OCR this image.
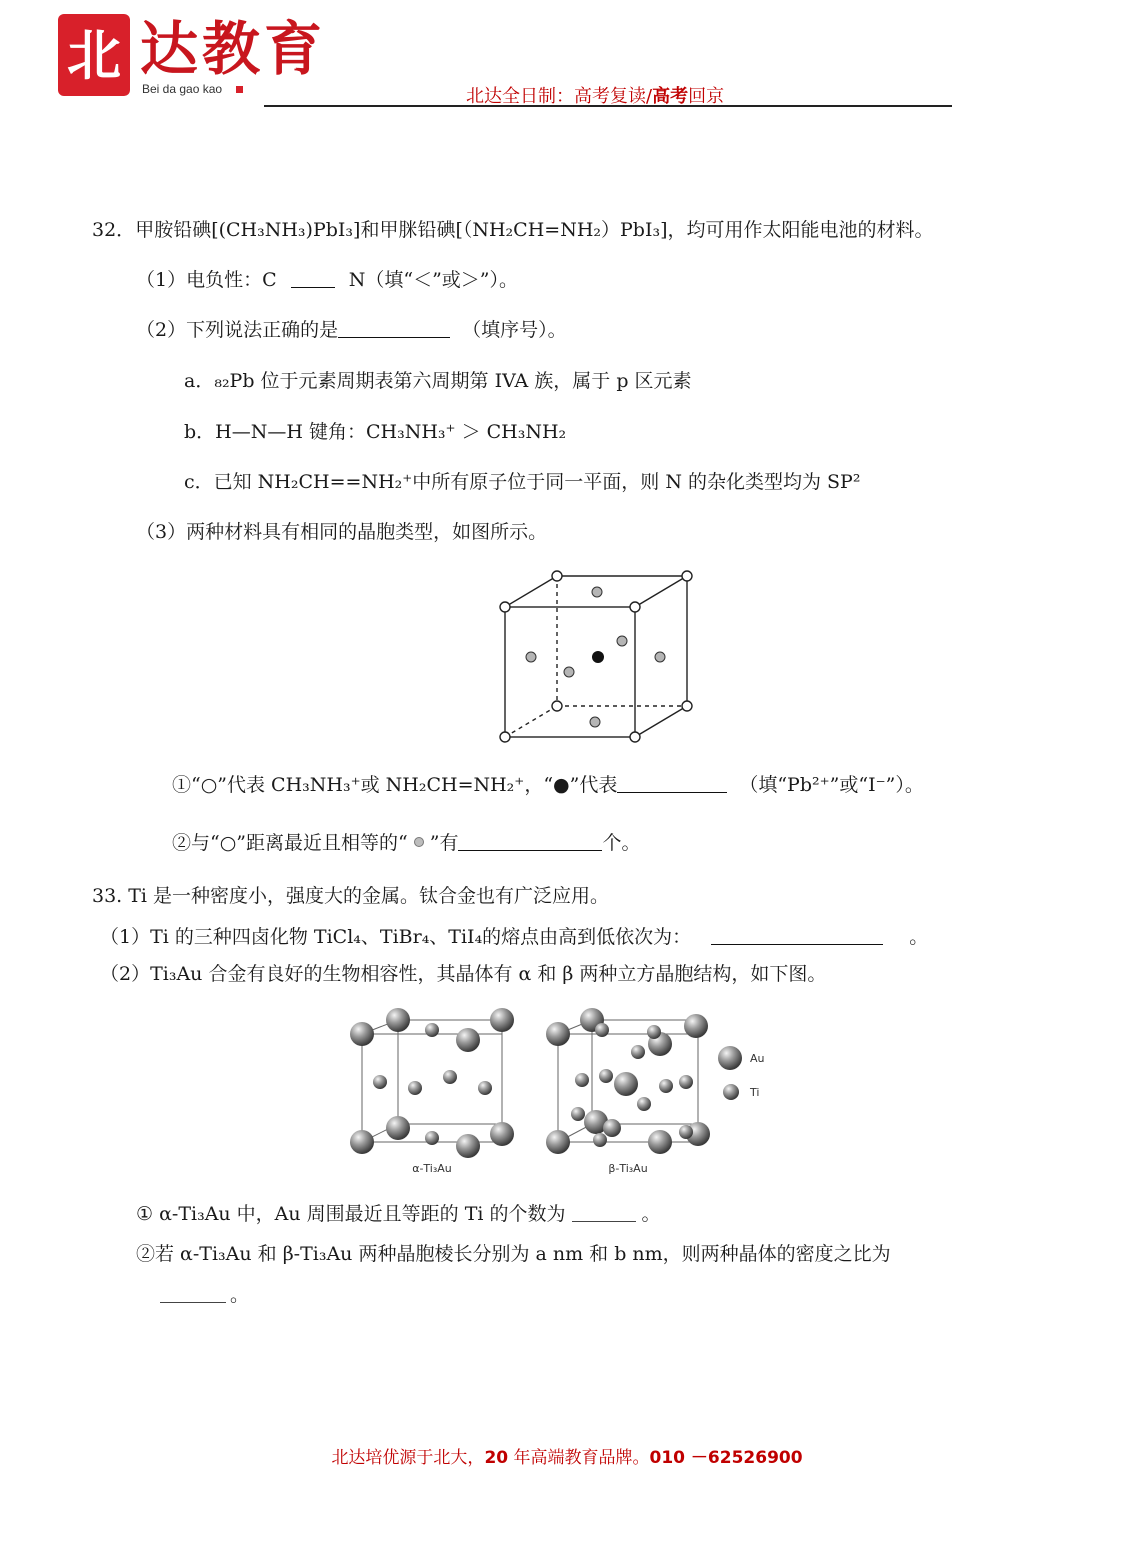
北 达教育
Bei da gao kao	北达全日制：高考复读/高考回京
32．甲胺铅碘[(CH₃NH₃)PbI₃]和甲脒铅碘[（NH₂CH=NH₂）PbI₃]，均可用作太阳能电池的材料。
（1）电负性：C	N（填“＜”或＞”）。
（2）下列说法正确的是	（填序号）。
a．₈₂Pb 位于元素周期表第六周期第 IVA 族，属于 p 区元素
b．H—N—H 键角：CH₃NH₃⁺ ＞ CH₃NH₂
c．已知 NH₂CH==NH₂⁺中所有原子位于同一平面，则 N 的杂化类型均为 SP²
（3）两种材料具有相同的晶胞类型，如图所示。
①“○”代表 CH₃NH₃⁺或 NH₂CH=NH₂⁺，“●”代表	（填“Pb²⁺”或“I⁻”）。
②与“○”距离最近且相等的“ ”有	个。
33. Ti 是一种密度小，强度大的金属。钛合金也有广泛应用。
（1）Ti 的三种四卤化物 TiCl₄、TiBr₄、TiI₄的熔点由高到低依次为：	。
（2）Ti₃Au 合金有良好的生物相容性，其晶体有 α 和 β 两种立方晶胞结构，如下图。
α-Ti₃Au	β-Ti₃Au
Au
Ti
① α-Ti₃Au 中，Au 周围最近且等距的 Ti 的个数为	。
②若 α-Ti₃Au 和 β-Ti₃Au 两种晶胞棱长分别为 a nm 和 b nm，则两种晶体的密度之比为
。
北达培优源于北大，20 年高端教育品牌。010 －62526900
